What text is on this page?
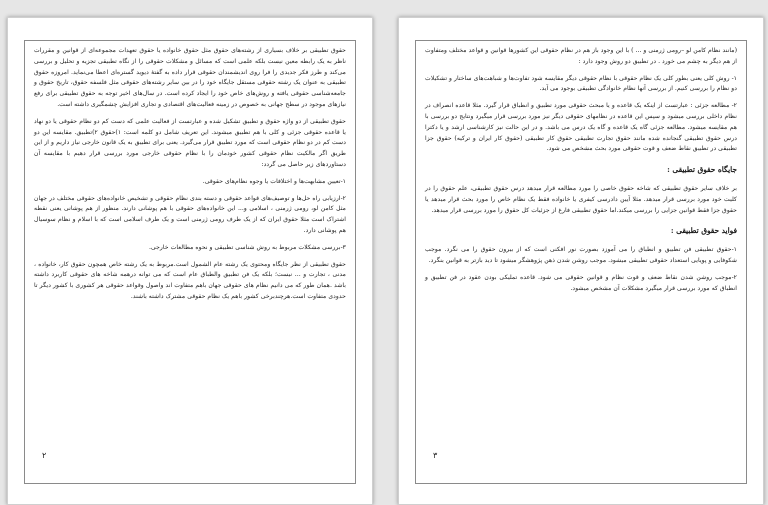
حقوق تطبیقی بر خلاف بسیاری از رشته‌های حقوق مثل حقوق خانواده یا حقوق تعهدات مجموعه‌ای از قوانین و مقررات ناظر به یک رابطه معین نیست بلکه علمی است که مسائل و مشکلات حقوقی را از نگاه تطبیقی تجزیه و تحلیل و بررسی می‌کند و طرز فکر جدیدی را فرا روی اندیشمندان حقوقی قرار داده به گفتهٔ دیوید گستره‌ای اعطا می‌نماید. امروزه حقوق تطبیقی به عنوان یک رشته حقوقی مستقل جایگاه خود را در بین سایر رشته‌های حقوقی مثل فلسفه حقوق، تاریخ حقوق و جامعه‌شناسی حقوقی یافته و روش‌های خاص خود را ایجاد کرده است. در سال‌های اخیر توجه به حقوق تطبیقی برای رفع نیازهای موجود در سطح جهانی به خصوص در زمینه فعالیت‌های اقتصادی و تجاری افزایش چشمگیری داشته است.

حقوق تطبیقی از دو واژه حقوق و تطبیق تشکیل شده و عبارتست از فعالیت علمی که دست کم دو نظام حقوقی یا دو نهاد یا قاعده حقوقی جزئی و کلی با هم تطبیق میشوند. این تعریف شامل دو کلمه است: ۱)حقوق ۲)تطبیق. مقایسه این دو دست کم در دو نظام حقوقی است که مورد تطبیق قرار می‌گیرد. یعنی برای تطبیق به یک قانون خارجی نیاز داریم و از این طریق اگر مالکیت نظام حقوقی کشور خودمان را با نظام حقوقی خارجی مورد بررسی قرار دهیم با مقایسه آن دستاوردهای زیر حاصل می گردد:

۱-تعیین مشابهت‌ها و اختلافات یا وجوه نظام‌های حقوقی.

۲-ارزیابی راه حل‌ها و توصیف‌های قواعد حقوقی و دسته بندی نظام حقوقی و تشخیص خانواده‌های حقوقی مختلف در جهان مثل کامن لو، رومی ژرمنی ، اسلامی و... این خانواده‌های حقوقی با هم پوشانی دارند. منظور از هم پوشانی یعنی نقطه اشتراک است مثلا حقوق ایران که از یک طرف رومی ژرمنی است و یک طرف اسلامی است که با اسلام و نظام سوسیال هم پوشانی دارد.

۳-بررسی مشکلات مربوط به روش شناسی تطبیقی و نحوه مطالعات خارجی.

حقوق تطبیقی از نظر جایگاه ومحتوی یک رشته عام الشمول است.مربوط به یک رشته خاص همچون حقوق کار، خانواده ، مدنی ، تجارت و ... نیست؛ بلکه یک فن تطبیق والطباق عام است که می توانه درهمه شاخه های حقوقی کاربرد داشته باشد .همان طور که می دانیم نظام های حقوقی جهان باهم متفاوت اند واصول وقواعد حقوقی هر کشوری با کشور دیگر تا حدودی متفاوت است.هرچندبرخی کشور باهم یک نظام حقوقی مشترک داشته باشند.

۲

(مانند نظام کامن لو –رومی ژرمنی و ... ) با این وجود باز هم در نظام حقوقی این کشورها قوانین و قواعد مختلف ومتفاوت از هم دیگر به چشم می خورد . در تطبیق دو روش وجود دارد :

۱- روش کلی یعنی بطور کلی یک نظام حقوقی با نظام حقوقی دیگر مقایسه شود تفاوت‌ها و شباهت‌های ساختار و تشکیلات دو نظام را بررسی کنیم. از بررسی آنها نظام خانوادگی تطبیقی بوجود می آید.

۲- مطالعه جزئی : عبارتست از اینکه یک قاعده و یا مبحث حقوقی مورد تطبیق و انطباق قرار گیرد. مثلا قاعده انصراف در نظام داخلی بررسی میشود و سپس این قاعده در نظامهای حقوقی دیگر نیز مورد بررسی قرار میگیرد ونتایج دو بررسی با هم مقایسه میشود. مطالعه جزئی گاه یک قاعده و گاه یک درس می باشد. و در این حالت نیز کارشناسی ارشد و یا دکترا درس حقوق تطبیقی گنجانده شده مانند حقوق تجارت تطبیقی حقوق کار تطبیقی (حقوق کار ایران و ترکیه) حقوق جزا تطبیقی در تطبیق نقاط ضعف و قوت حقوقی مورد بحث مشخص می شود.

جایگاه حقوق تطبیقی :

بر خلاف سایر حقوق تطبیقی که شاخه حقوق خاصی را مورد مطالعه قرار میدهد درس حقوق تطبیقی، علم حقوق را در کلیت خود مورد بررسی قرار میدهد. مثلا آیین دادرسی کیفری یا خانواده فقط یک نظام خاص را مورد بحث قرار میدهد یا حقوق جزا فقط قوانین جزایی را بررسی میکند.اما حقوق تطبیقی فارغ از جزئیات کل حقوق را مورد بررسی قرار میدهد.

فواید حقوق تطبیقی :

۱-حقوق تطبیقی فن تطبیق و انطباق را می آموزد بصورت نور افکنی است که از بیرون حقوق را می نگرد. موجب شکوفایی و پویایی استعداد حقوقی تطبیقی میشود. موجب روشن شدن ذهن پژوهشگر میشود تا دید بازتر به قوانین بنگرد.

۲-موجب روشن شدن نقاط ضعف و قوت نظام و قوانین حقوقی می شود. قاعده تملیکی بودن عقود در فن تطبیق و انطباق که مورد بررسی قرار میگیرد مشکلات آن مشخص میشود.

۳
